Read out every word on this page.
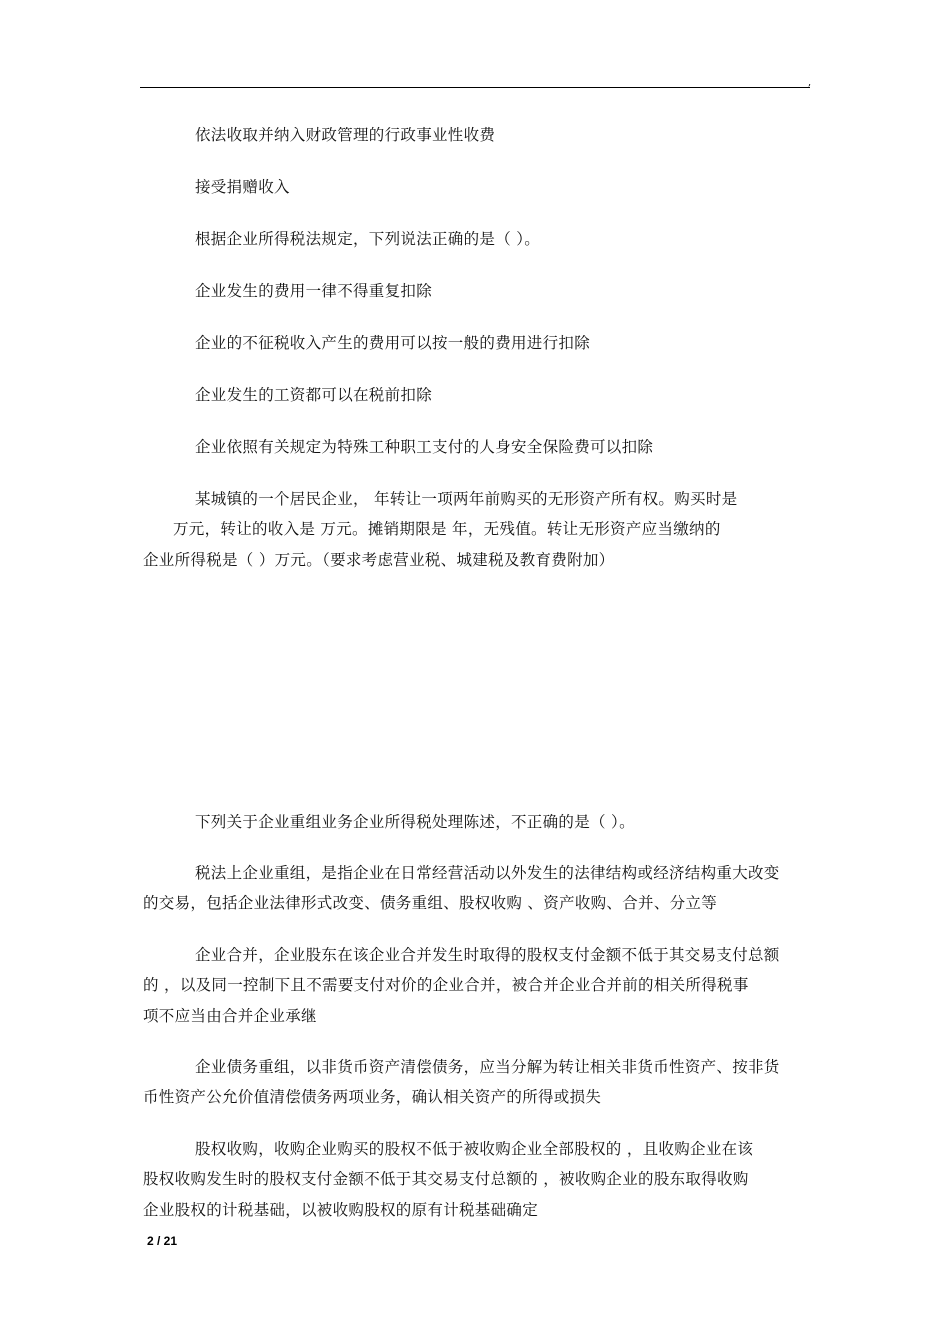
,
依法收取并纳入财政管理的行政事业性收费
接受捐赠收入
根据企业所得税法规定，下列说法正确的是（ ）。
企业发生的费用一律不得重复扣除
企业的不征税收入产生的费用可以按一般的费用进行扣除
企业发生的工资都可以在税前扣除
企业依照有关规定为特殊工种职工支付的人身安全保险费可以扣除
某城镇的一个居民企业， 年转让一项两年前购买的无形资产所有权。购买时是
万元，转让的收入是 万元。摊销期限是 年，无残值。转让无形资产应当缴纳的
企业所得税是（ ）万元。（要求考虑营业税、城建税及教育费附加）
下列关于企业重组业务企业所得税处理陈述，不正确的是（ ）。
税法上企业重组，是指企业在日常经营活动以外发生的法律结构或经济结构重大改变
的交易，包括企业法律形式改变、债务重组、股权收购 、资产收购、合并、分立等
企业合并，企业股东在该企业合并发生时取得的股权支付金额不低于其交易支付总额
的 ，以及同一控制下且不需要支付对价的企业合并，被合并企业合并前的相关所得税事
项不应当由合并企业承继
企业债务重组，以非货币资产清偿债务，应当分解为转让相关非货币性资产、按非货
币性资产公允价值清偿债务两项业务，确认相关资产的所得或损失
股权收购，收购企业购买的股权不低于被收购企业全部股权的 ，且收购企业在该
股权收购发生时的股权支付金额不低于其交易支付总额的 ，被收购企业的股东取得收购
企业股权的计税基础，以被收购股权的原有计税基础确定
2 / 21
